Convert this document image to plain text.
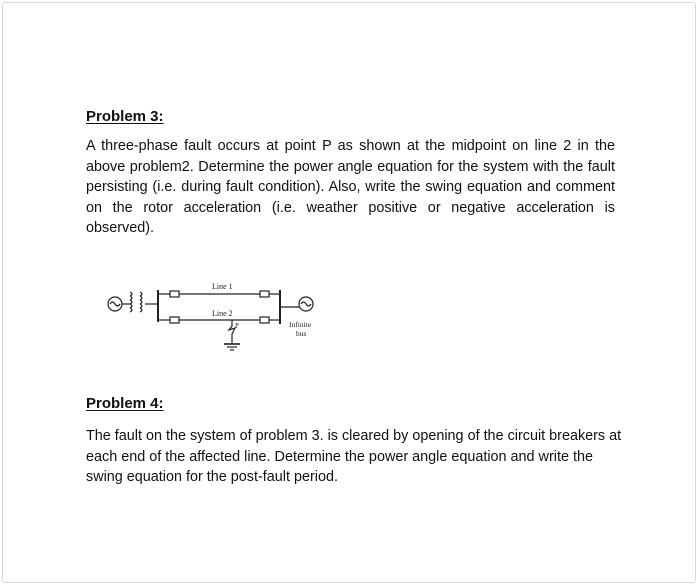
Problem 3:

A three-phase fault occurs at point P as shown at the midpoint on line 2 in the above problem2. Determine the power angle equation for the system with the fault persisting (i.e. during fault condition). Also, write the swing equation and comment on the rotor acceleration (i.e. weather positive or negative acceleration is observed).

Line 1
Line 2
P	Infinite
bus
Problem 4:

The fault on the system of problem 3. is cleared by opening of the circuit breakers at each end of the affected line. Determine the power angle equation and write the swing equation for the post-fault period.
